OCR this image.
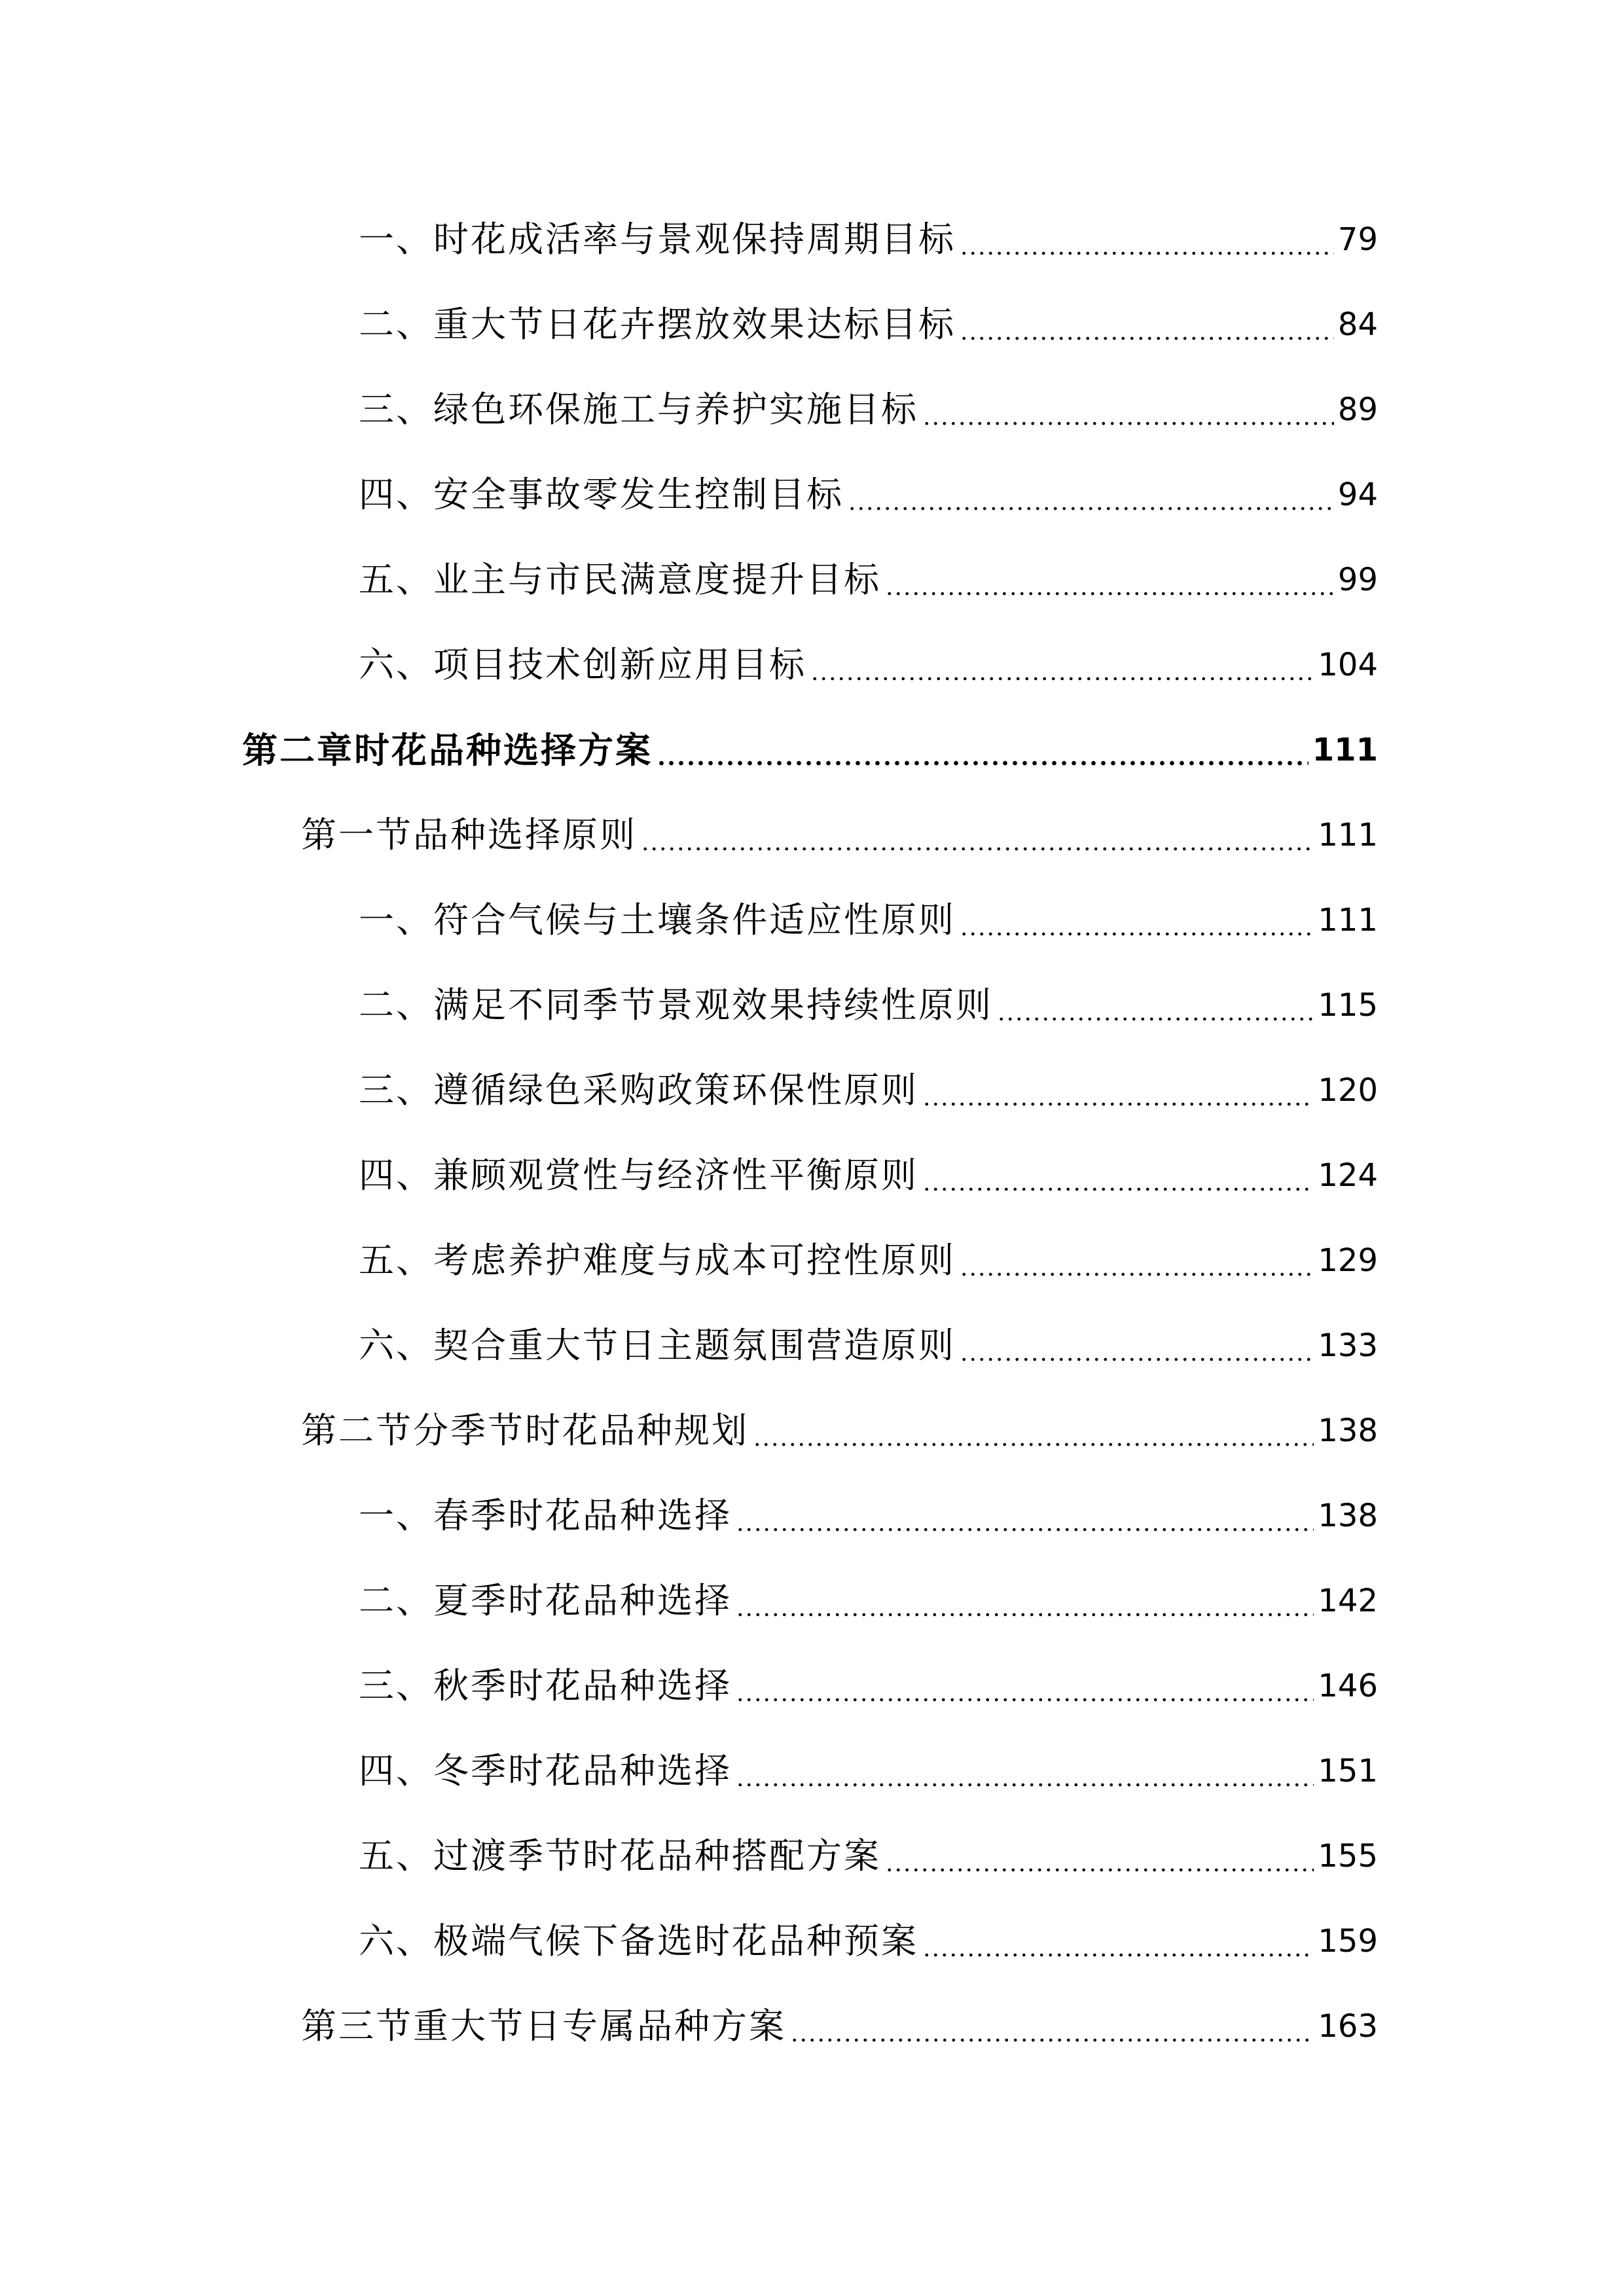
一、时花成活率与景观保持周期目标	79
二、重大节日花卉摆放效果达标目标	84
三、绿色环保施工与养护实施目标	89
四、安全事故零发生控制目标	94
五、业主与市民满意度提升目标	99
六、项目技术创新应用目标	104
第二章时花品种选择方案	111
第一节品种选择原则	111
一、符合气候与土壤条件适应性原则	111
二、满足不同季节景观效果持续性原则	115
三、遵循绿色采购政策环保性原则	120
四、兼顾观赏性与经济性平衡原则	124
五、考虑养护难度与成本可控性原则	129
六、契合重大节日主题氛围营造原则	133
第二节分季节时花品种规划	138
一、春季时花品种选择	138
二、夏季时花品种选择	142
三、秋季时花品种选择	146
四、冬季时花品种选择	151
五、过渡季节时花品种搭配方案	155
六、极端气候下备选时花品种预案	159
第三节重大节日专属品种方案	163
